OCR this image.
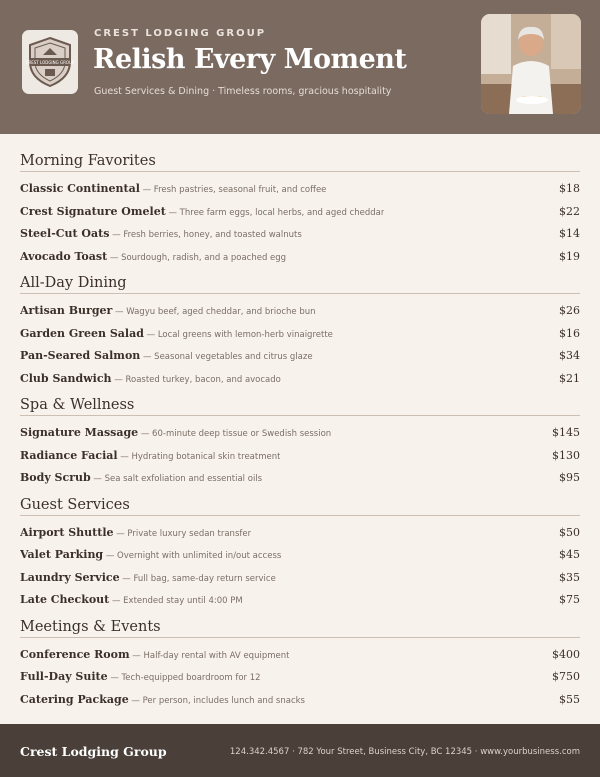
CREST LODGING GROUP
CREST LODGING GROUP
Relish Every Moment
Guest Services & Dining · Timeless rooms, gracious hospitality
Morning Favorites
Classic Continental — Fresh pastries, seasonal fruit, and coffee	$18
Crest Signature Omelet — Three farm eggs, local herbs, and aged cheddar	$22
Steel-Cut Oats — Fresh berries, honey, and toasted walnuts	$14
Avocado Toast — Sourdough, radish, and a poached egg	$19
All-Day Dining
Artisan Burger — Wagyu beef, aged cheddar, and brioche bun	$26
Garden Green Salad — Local greens with lemon-herb vinaigrette	$16
Pan-Seared Salmon — Seasonal vegetables and citrus glaze	$34
Club Sandwich — Roasted turkey, bacon, and avocado	$21
Spa & Wellness
Signature Massage — 60-minute deep tissue or Swedish session	$145
Radiance Facial — Hydrating botanical skin treatment	$130
Body Scrub — Sea salt exfoliation and essential oils	$95
Guest Services
Airport Shuttle — Private luxury sedan transfer	$50
Valet Parking — Overnight with unlimited in/out access	$45
Laundry Service — Full bag, same-day return service	$35
Late Checkout — Extended stay until 4:00 PM	$75
Meetings & Events
Conference Room — Half-day rental with AV equipment	$400
Full-Day Suite — Tech-equipped boardroom for 12	$750
Catering Package — Per person, includes lunch and snacks	$55
Crest Lodging Group	124.342.4567 · 782 Your Street, Business City, BC 12345 · www.yourbusiness.com
